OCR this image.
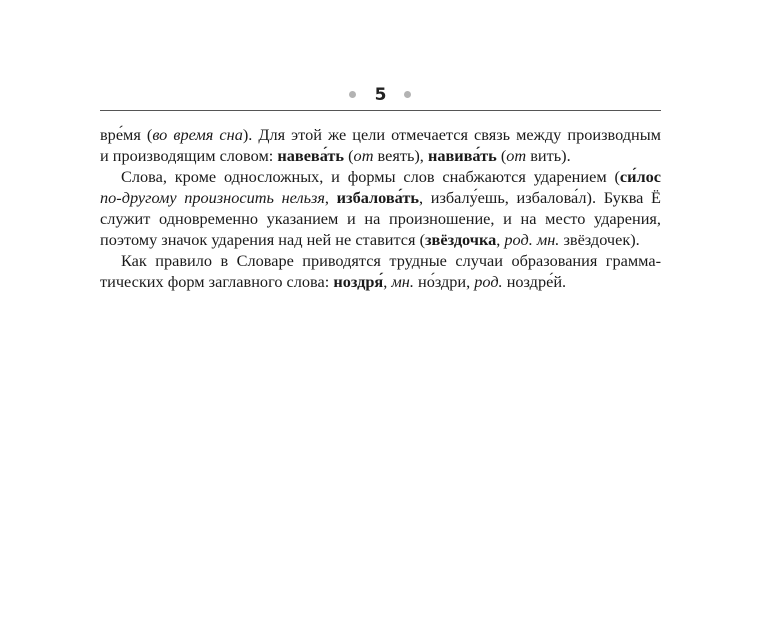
5

вре́мя (во время сна). Для этой же цели отмечается связь между производным
и производящим словом: навева́ть (от веять), навива́ть (от вить).

Слова, кроме односложных, и формы слов снабжаются ударением (си́лос
по-другому произносить нельзя, избалова́ть, избалу́ешь, избалова́л). Буква Ё
служит одновременно указанием и на произношение, и на место ударения,
поэтому значок ударения над ней не ставится (звёздочка, род. мн. звёздочек).

Как правило в Словаре приводятся трудные случаи образования грамма-
тических форм заглавного слова: ноздря́, мн. но́здри, род. ноздре́й.
